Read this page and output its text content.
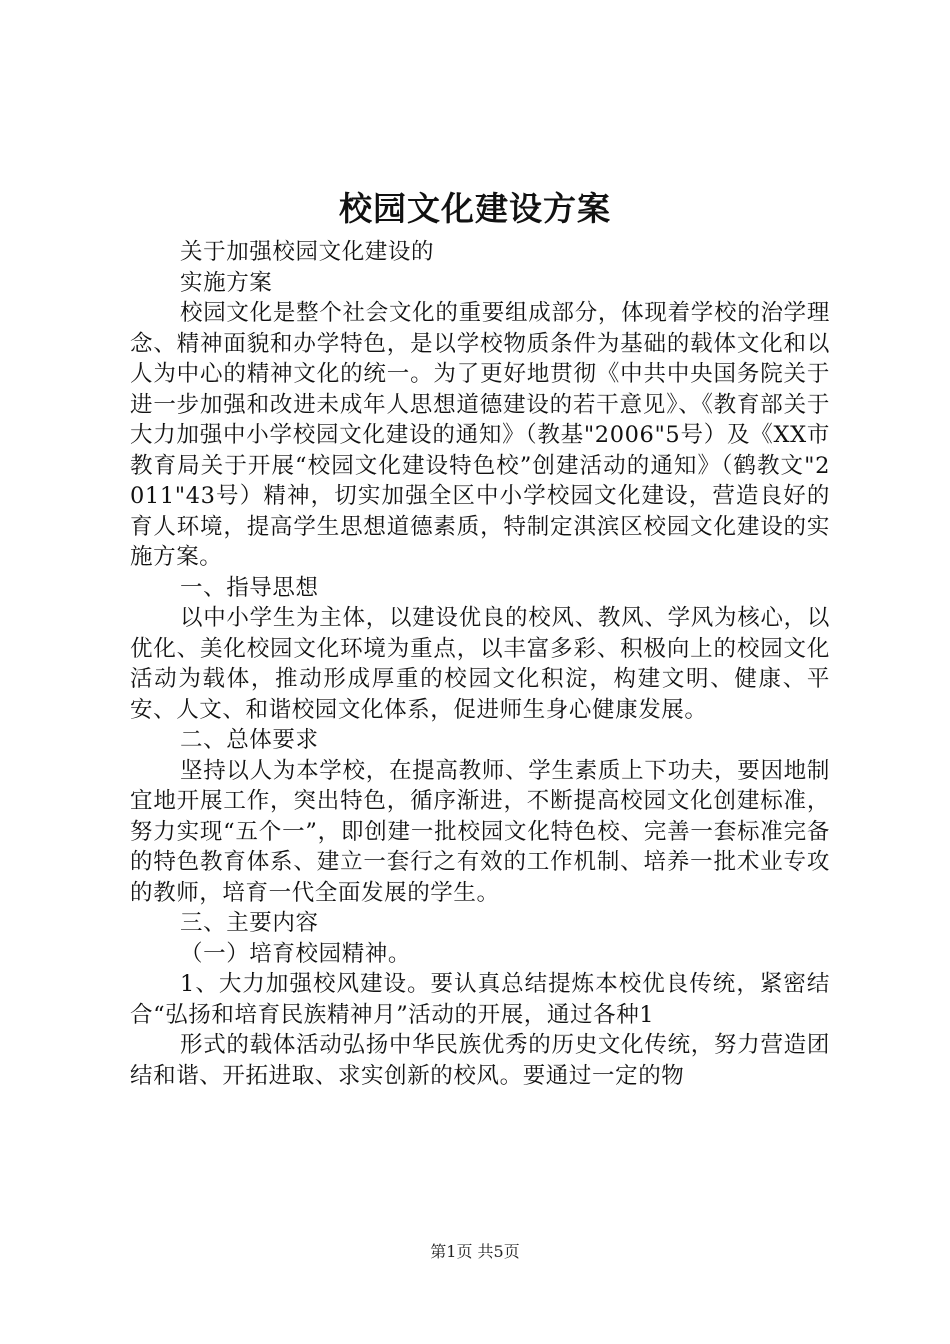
校园文化建设方案

关于加强校园文化建设的

实施方案

校园文化是整个社会文化的重要组成部分，体现着学校的治学理念、精神面貌和办学特色，是以学校物质条件为基础的载体文化和以人为中心的精神文化的统一。为了更好地贯彻《中共中央国务院关于进一步加强和改进未成年人思想道德建设的若干意见》、《教育部关于大力加强中小学校园文化建设的通知》（教基"2006"5号）及《XX市教育局关于开展“校园文化建设特色校”创建活动的通知》（鹤教文"2011"43号）精神，切实加强全区中小学校园文化建设，营造良好的育人环境，提高学生思想道德素质，特制定淇滨区校园文化建设的实施方案。

一、指导思想

以中小学生为主体，以建设优良的校风、教风、学风为核心，以优化、美化校园文化环境为重点，以丰富多彩、积极向上的校园文化活动为载体，推动形成厚重的校园文化积淀，构建文明、健康、平安、人文、和谐校园文化体系，促进师生身心健康发展。

二、总体要求

坚持以人为本学校，在提高教师、学生素质上下功夫，要因地制宜地开展工作，突出特色，循序渐进，不断提高校园文化创建标准，努力实现“五个一”，即创建一批校园文化特色校、完善一套标准完备的特色教育体系、建立一套行之有效的工作机制、培养一批术业专攻的教师，培育一代全面发展的学生。

三、主要内容

（一）培育校园精神。

1、大力加强校风建设。要认真总结提炼本校优良传统，紧密结合“弘扬和培育民族精神月”活动的开展，通过各种1

形式的载体活动弘扬中华民族优秀的历史文化传统，努力营造团结和谐、开拓进取、求实创新的校风。要通过一定的物

第1页 共5页
